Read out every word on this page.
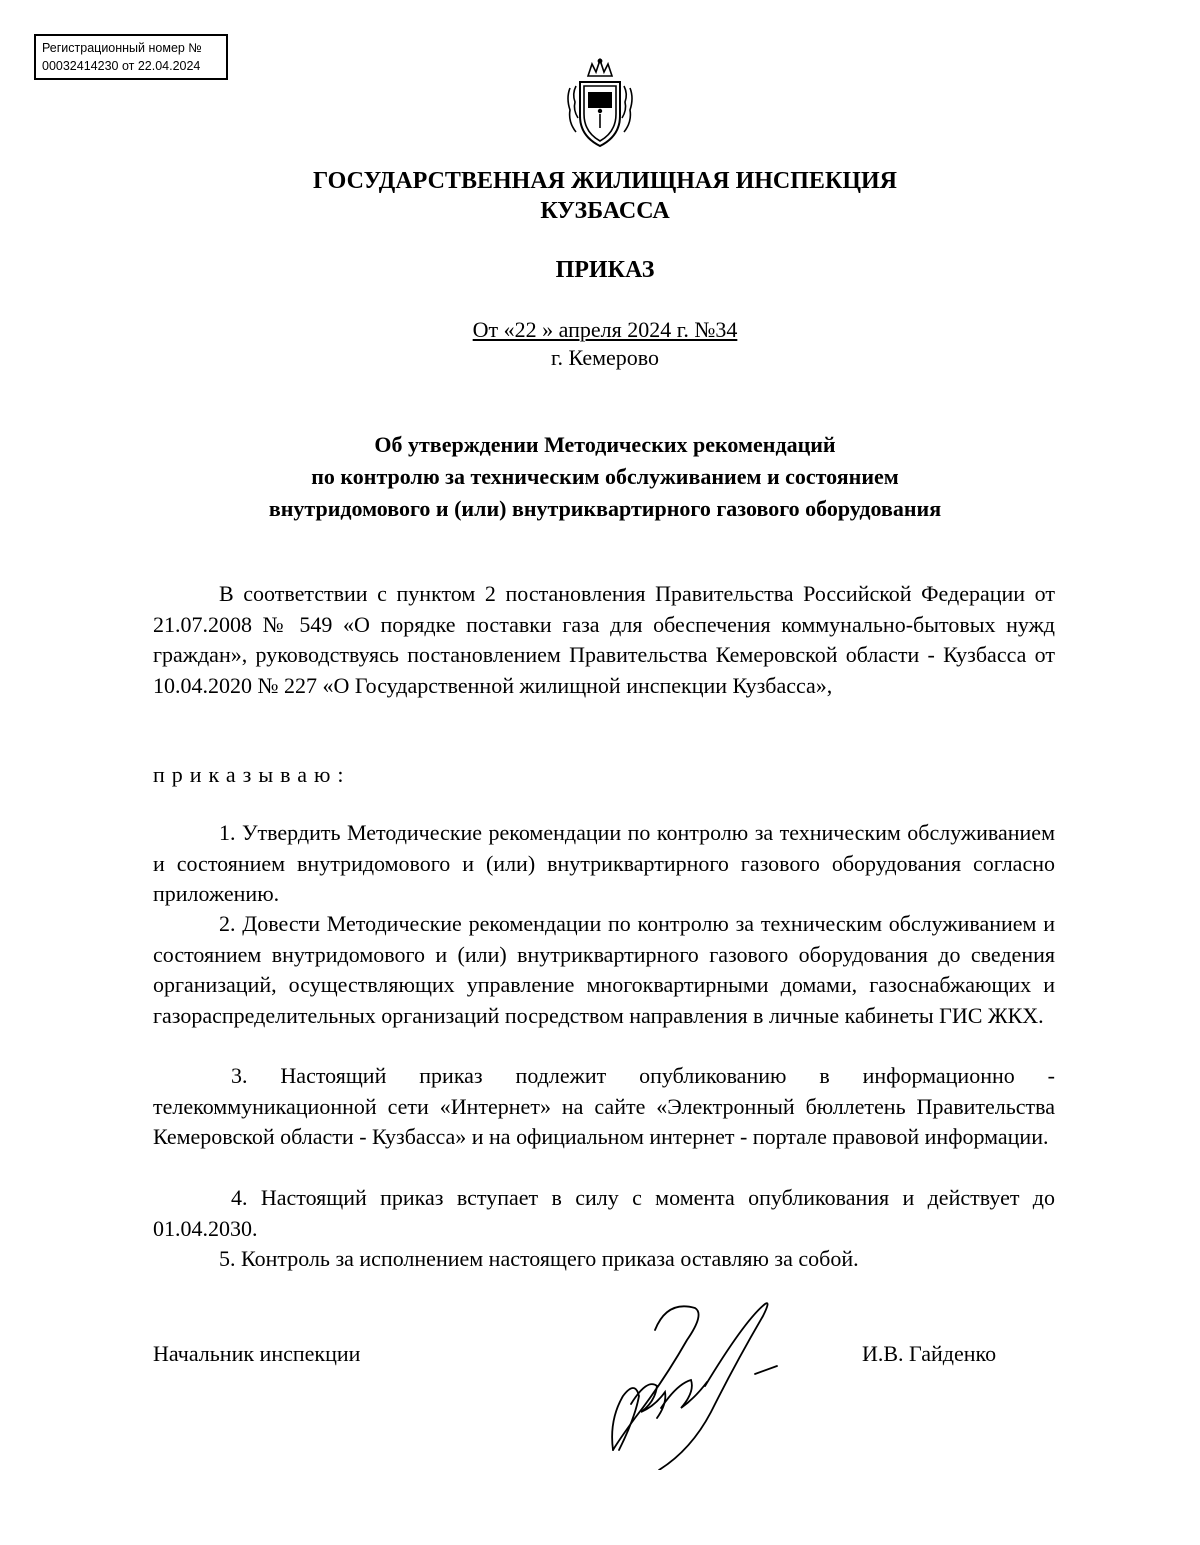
Регистрационный номер №
00032414230 от 22.04.2024
ГОСУДАРСТВЕННАЯ ЖИЛИЩНАЯ ИНСПЕКЦИЯ
КУЗБАССА
ПРИКАЗ
От «22 » апреля 2024 г. №34
г. Кемерово
Об утверждении Методических рекомендаций
по контролю за техническим обслуживанием и состоянием
внутридомового и (или) внутриквартирного газового оборудования
В соответствии с пунктом 2 постановления Правительства Российской Федерации от 21.07.2008 № 549 «О порядке поставки газа для обеспечения коммунально-бытовых нужд граждан», руководствуясь постановлением Правительства Кемеровской области - Кузбасса от 10.04.2020 № 227 «О Государственной жилищной инспекции Кузбасса»,
приказываю:
1. Утвердить Методические рекомендации по контролю за техническим обслуживанием и состоянием внутридомового и (или) внутриквартирного газового оборудования согласно приложению.
2. Довести Методические рекомендации по контролю за техническим обслуживанием и состоянием внутридомового и (или) внутриквартирного газового оборудования до сведения организаций, осуществляющих управление многоквартирными домами, газоснабжающих и газораспределительных организаций посредством направления в личные кабинеты ГИС ЖКХ.
3. Настоящий приказ подлежит опубликованию в информационно - телекоммуникационной сети «Интернет» на сайте «Электронный бюллетень Правительства Кемеровской области - Кузбасса» и на официальном интернет - портале правовой информации.
4. Настоящий приказ вступает в силу с момента опубликования и действует до 01.04.2030.
5. Контроль за исполнением настоящего приказа оставляю за собой.
Начальник инспекции	И.В. Гайденко
